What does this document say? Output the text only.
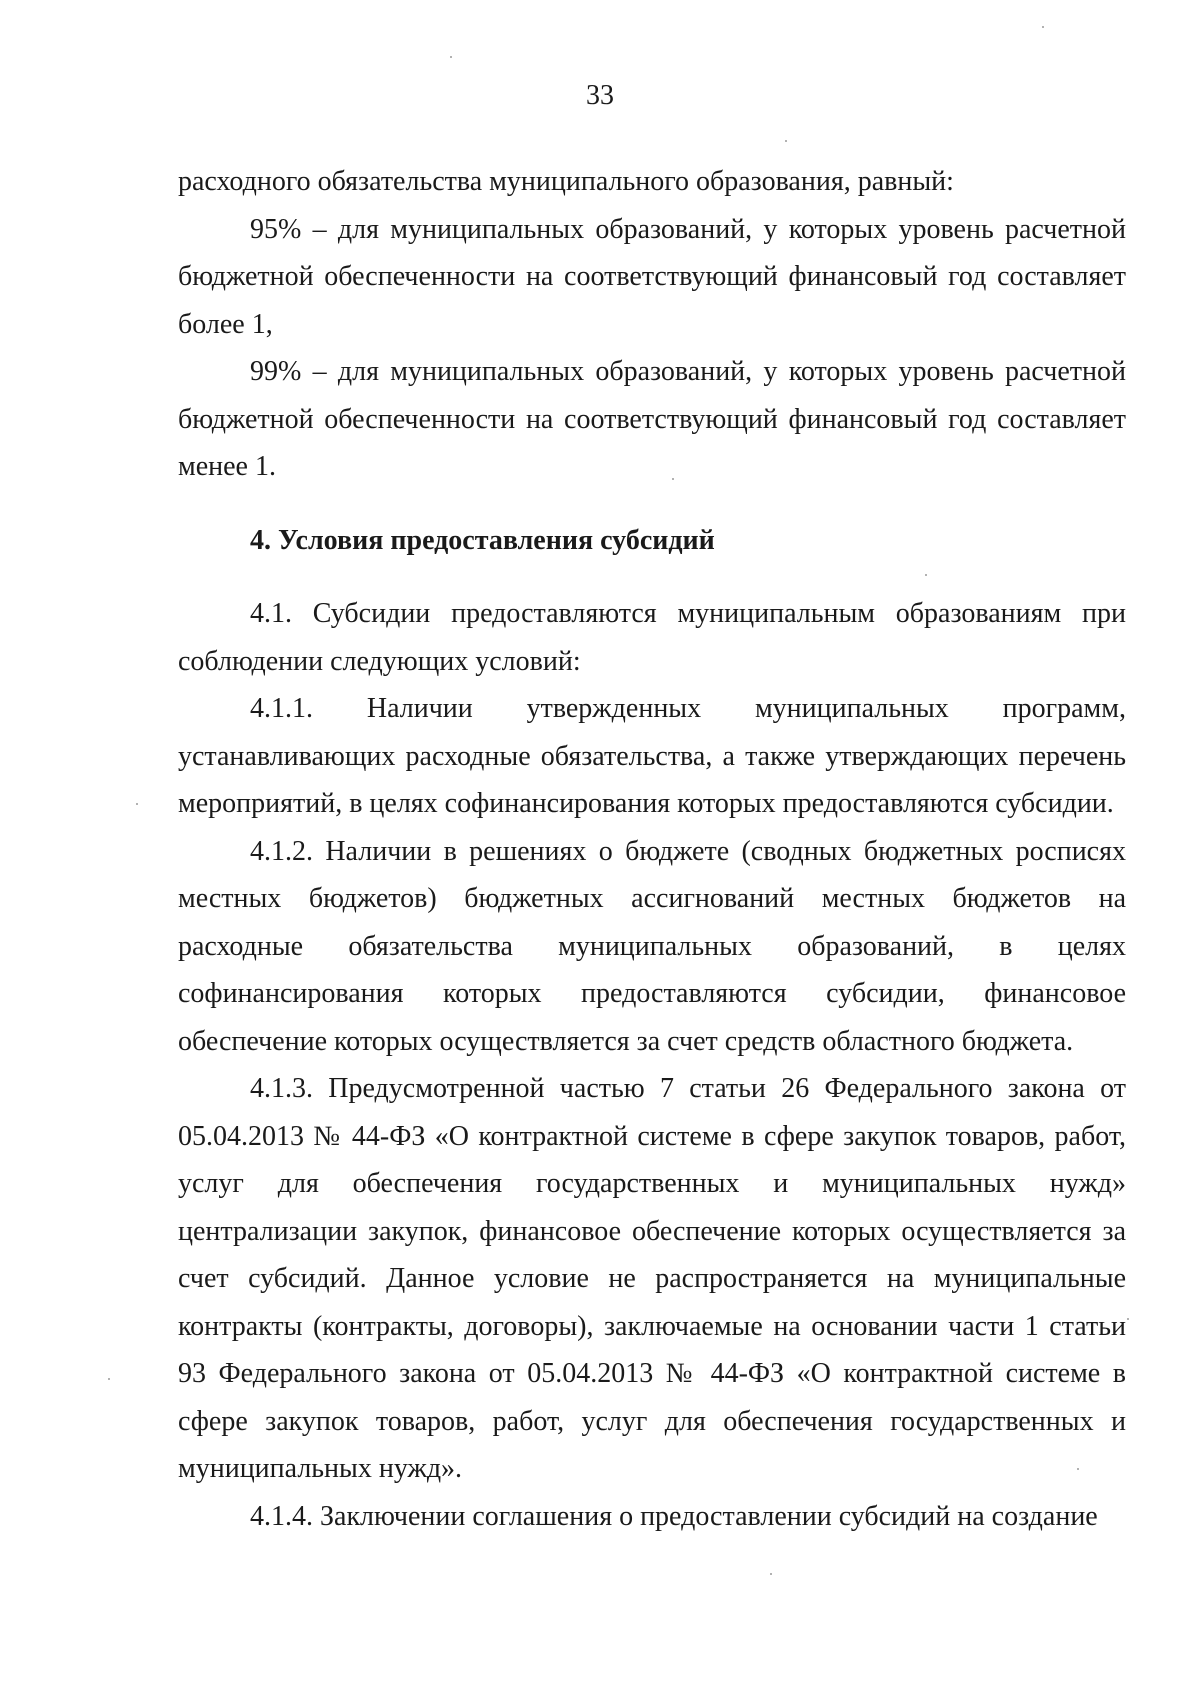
33

расходного обязательства муниципального образования, равный:

95% – для муниципальных образований, у которых уровень расчетной бюджетной обеспеченности на соответствующий финансовый год составляет более 1,

99% – для муниципальных образований, у которых уровень расчетной бюджетной обеспеченности на соответствующий финансовый год составляет менее 1.

4. Условия предоставления субсидий

4.1. Субсидии предоставляются муниципальным образованиям при соблюдении следующих условий:

4.1.1. Наличии утвержденных муниципальных программ, устанавливающих расходные обязательства, а также утверждающих перечень мероприятий, в целях софинансирования которых предоставляются субсидии.

4.1.2. Наличии в решениях о бюджете (сводных бюджетных росписях местных бюджетов) бюджетных ассигнований местных бюджетов на расходные обязательства муниципальных образований, в целях софинансирования которых предоставляются субсидии, финансовое обеспечение которых осуществляется за счет средств областного бюджета.

4.1.3. Предусмотренной частью 7 статьи 26 Федерального закона от 05.04.2013 № 44-ФЗ «О контрактной системе в сфере закупок товаров, работ, услуг для обеспечения государственных и муниципальных нужд» централизации закупок, финансовое обеспечение которых осуществляется за счет субсидий. Данное условие не распространяется на муниципальные контракты (контракты, договоры), заключаемые на основании части 1 статьи 93 Федерального закона от 05.04.2013 № 44-ФЗ «О контрактной системе в сфере закупок товаров, работ, услуг для обеспечения государственных и муниципальных нужд».

4.1.4. Заключении соглашения о предоставлении субсидий на создание
